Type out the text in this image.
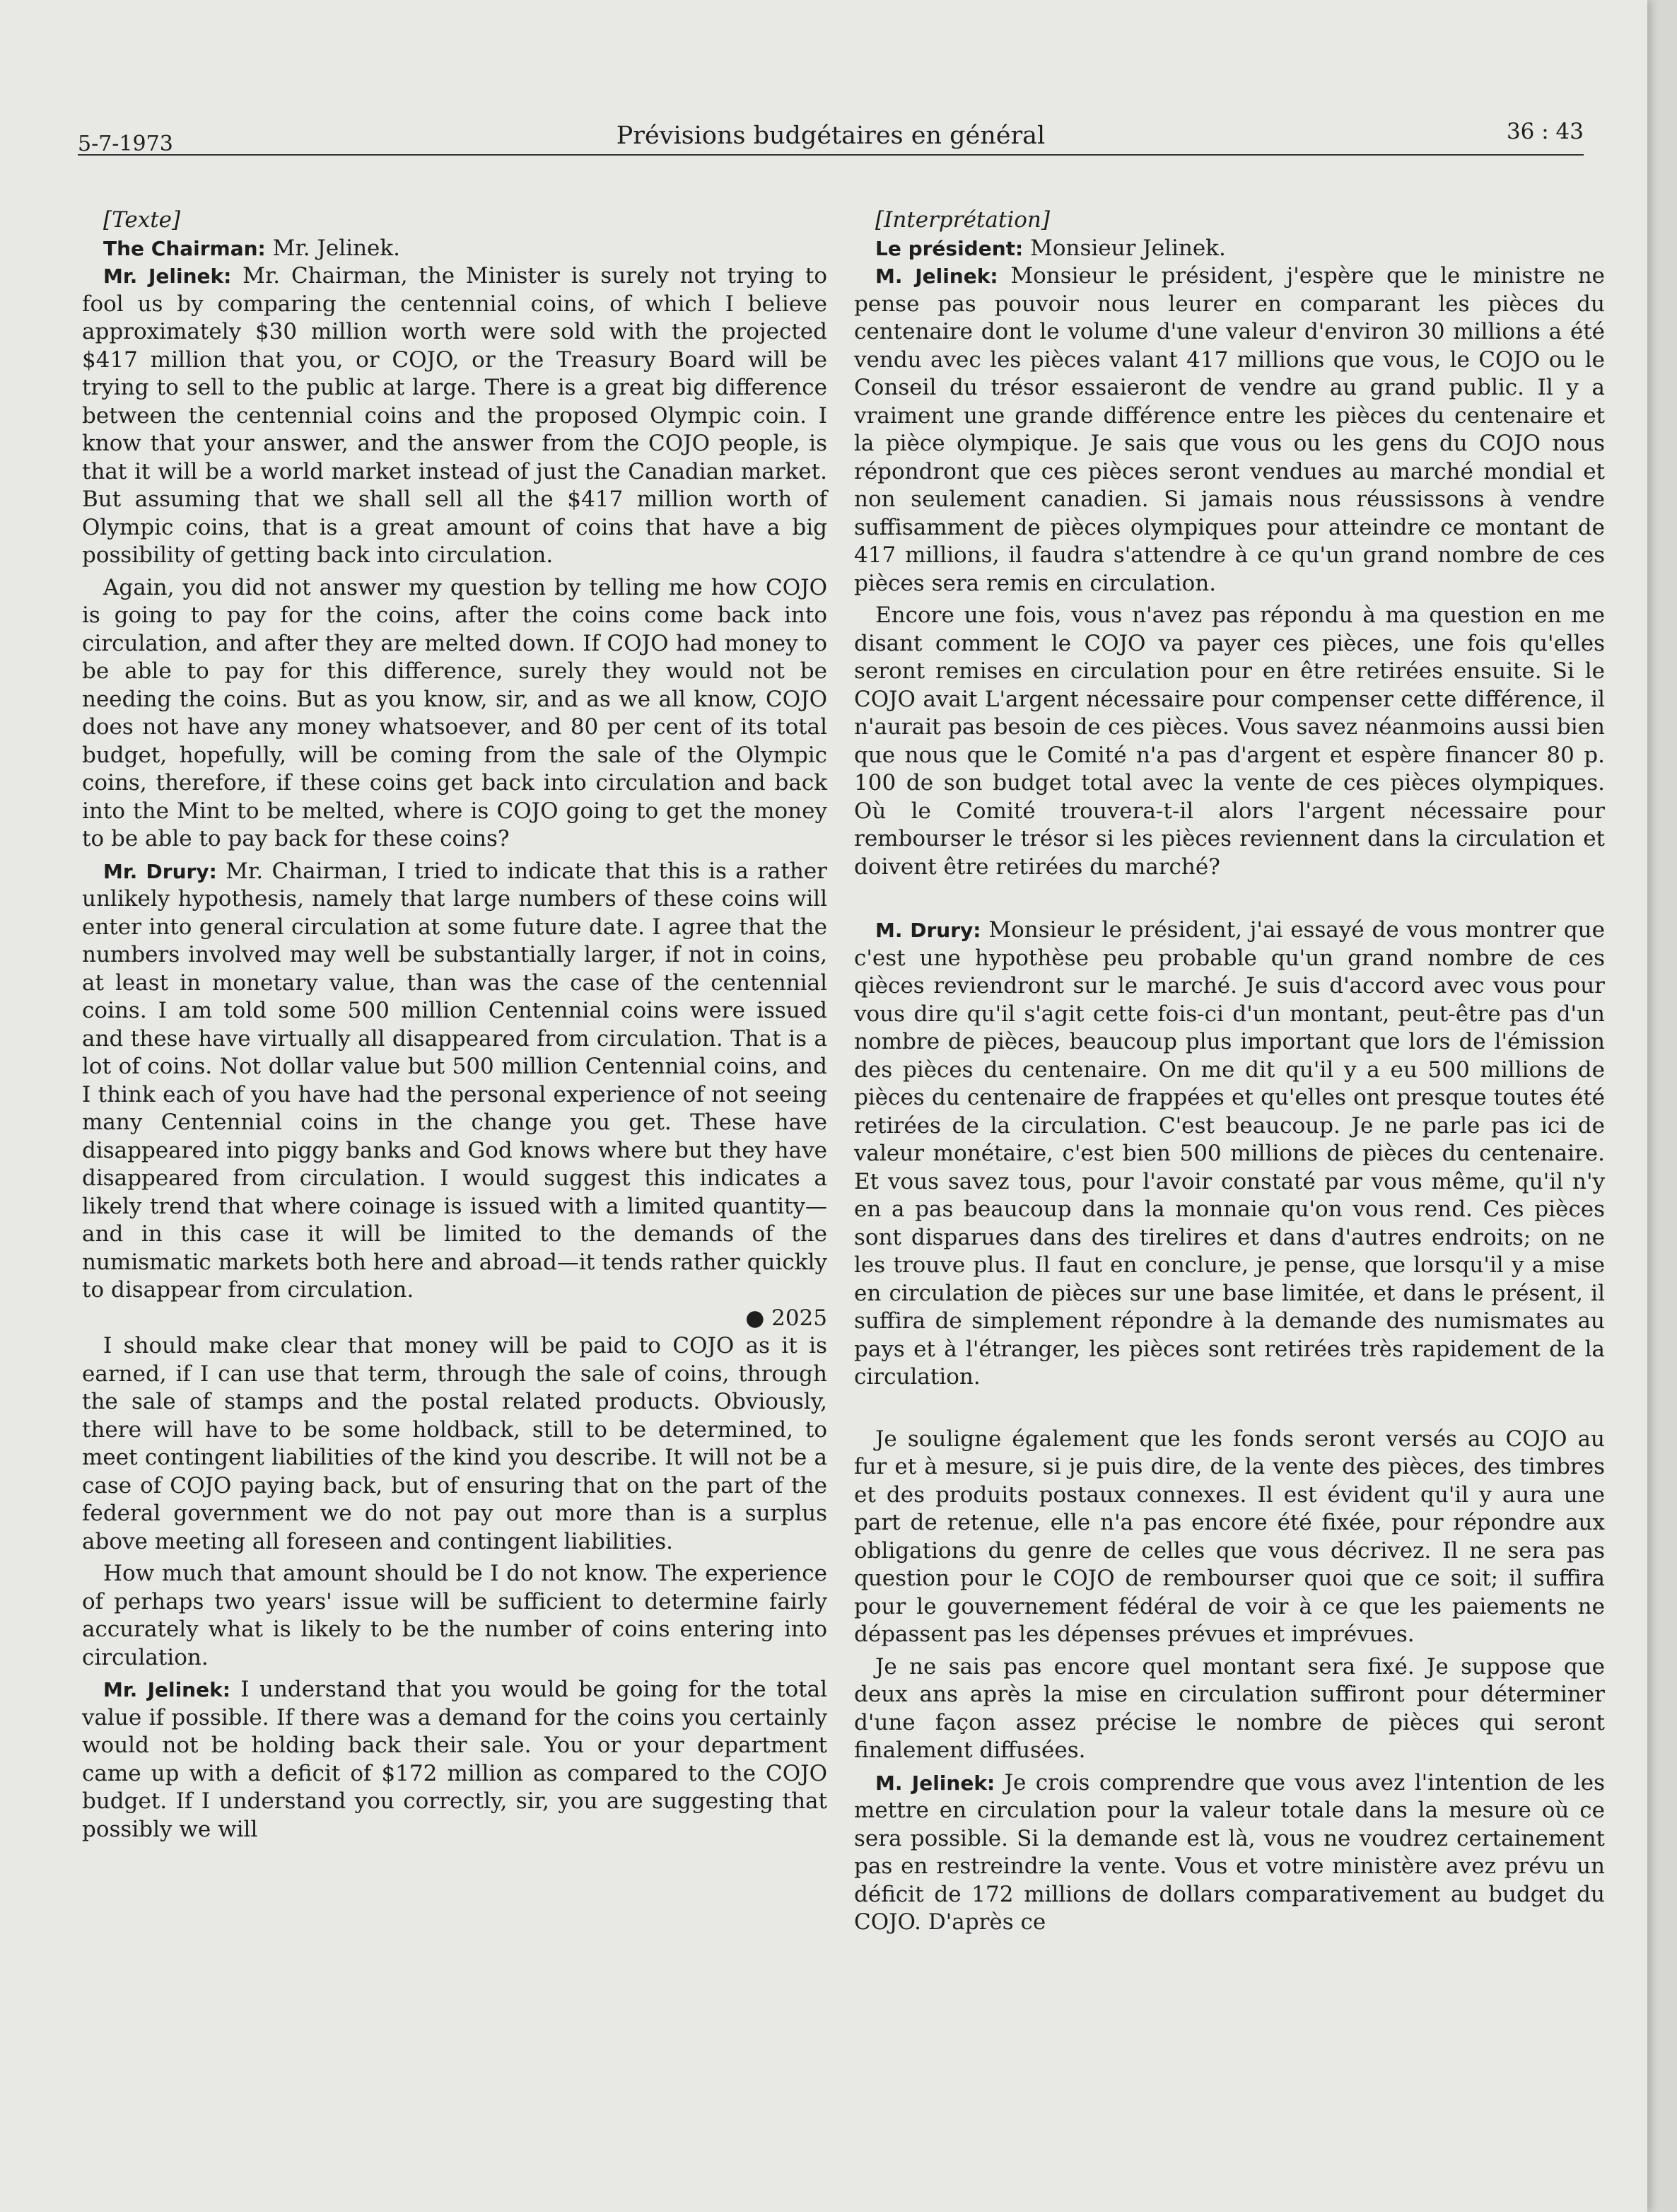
5-7-1973	Prévisions budgétaires en général	36 : 43

[Texte]

The Chairman: Mr. Jelinek.

Mr. Jelinek: Mr. Chairman, the Minister is surely not trying to fool us by comparing the centennial coins, of which I believe approximately $30 million worth were sold with the projected $417 million that you, or COJO, or the Treasury Board will be trying to sell to the public at large. There is a great big difference between the centennial coins and the proposed Olympic coin. I know that your answer, and the answer from the COJO people, is that it will be a world market instead of just the Canadian market. But assuming that we shall sell all the $417 million worth of Olympic coins, that is a great amount of coins that have a big possibility of getting back into circulation.

Again, you did not answer my question by telling me how COJO is going to pay for the coins, after the coins come back into circulation, and after they are melted down. If COJO had money to be able to pay for this difference, surely they would not be needing the coins. But as you know, sir, and as we all know, COJO does not have any money whatsoever, and 80 per cent of its total budget, hopefully, will be coming from the sale of the Olympic coins, therefore, if these coins get back into circulation and back into the Mint to be melted, where is COJO going to get the money to be able to pay back for these coins?

Mr. Drury: Mr. Chairman, I tried to indicate that this is a rather unlikely hypothesis, namely that large numbers of these coins will enter into general circulation at some future date. I agree that the numbers involved may well be substantially larger, if not in coins, at least in monetary value, than was the case of the centennial coins. I am told some 500 million Centennial coins were issued and these have virtually all disappeared from circulation. That is a lot of coins. Not dollar value but 500 million Centennial coins, and I think each of you have had the personal experience of not seeing many Centennial coins in the change you get. These have disappeared into piggy banks and God knows where but they have disappeared from circulation. I would suggest this indicates a likely trend that where coinage is issued with a limited quantity—and in this case it will be limited to the demands of the numismatic markets both here and abroad—it tends rather quickly to disappear from circulation.

● 2025

I should make clear that money will be paid to COJO as it is earned, if I can use that term, through the sale of coins, through the sale of stamps and the postal related products. Obviously, there will have to be some holdback, still to be determined, to meet contingent liabilities of the kind you describe. It will not be a case of COJO paying back, but of ensuring that on the part of the federal government we do not pay out more than is a surplus above meeting all foreseen and contingent liabilities.

How much that amount should be I do not know. The experience of perhaps two years' issue will be sufficient to determine fairly accurately what is likely to be the number of coins entering into circulation.

Mr. Jelinek: I understand that you would be going for the total value if possible. If there was a demand for the coins you certainly would not be holding back their sale. You or your department came up with a deficit of $172 million as compared to the COJO budget. If I understand you correctly, sir, you are suggesting that possibly we will

[Interprétation]

Le président: Monsieur Jelinek.

M. Jelinek: Monsieur le président, j'espère que le ministre ne pense pas pouvoir nous leurer en comparant les pièces du centenaire dont le volume d'une valeur d'environ 30 millions a été vendu avec les pièces valant 417 millions que vous, le COJO ou le Conseil du trésor essaieront de vendre au grand public. Il y a vraiment une grande différence entre les pièces du centenaire et la pièce olympique. Je sais que vous ou les gens du COJO nous répondront que ces pièces seront vendues au marché mondial et non seulement canadien. Si jamais nous réussissons à vendre suffisamment de pièces olympiques pour atteindre ce montant de 417 millions, il faudra s'attendre à ce qu'un grand nombre de ces pièces sera remis en circulation.

Encore une fois, vous n'avez pas répondu à ma question en me disant comment le COJO va payer ces pièces, une fois qu'elles seront remises en circulation pour en être retirées ensuite. Si le COJO avait L'argent nécessaire pour compenser cette différence, il n'aurait pas besoin de ces pièces. Vous savez néanmoins aussi bien que nous que le Comité n'a pas d'argent et espère financer 80 p. 100 de son budget total avec la vente de ces pièces olympiques. Où le Comité trouvera-t-il alors l'argent nécessaire pour rembourser le trésor si les pièces reviennent dans la circulation et doivent être retirées du marché?

M. Drury: Monsieur le président, j'ai essayé de vous montrer que c'est une hypothèse peu probable qu'un grand nombre de ces qièces reviendront sur le marché. Je suis d'accord avec vous pour vous dire qu'il s'agit cette fois-ci d'un montant, peut-être pas d'un nombre de pièces, beaucoup plus important que lors de l'émission des pièces du centenaire. On me dit qu'il y a eu 500 millions de pièces du centenaire de frappées et qu'elles ont presque toutes été retirées de la circulation. C'est beaucoup. Je ne parle pas ici de valeur monétaire, c'est bien 500 millions de pièces du centenaire. Et vous savez tous, pour l'avoir constaté par vous même, qu'il n'y en a pas beaucoup dans la monnaie qu'on vous rend. Ces pièces sont disparues dans des tirelires et dans d'autres endroits; on ne les trouve plus. Il faut en conclure, je pense, que lorsqu'il y a mise en circulation de pièces sur une base limitée, et dans le présent, il suffira de simplement répondre à la demande des numismates au pays et à l'étranger, les pièces sont retirées très rapidement de la circulation.

Je souligne également que les fonds seront versés au COJO au fur et à mesure, si je puis dire, de la vente des pièces, des timbres et des produits postaux connexes. Il est évident qu'il y aura une part de retenue, elle n'a pas encore été fixée, pour répondre aux obligations du genre de celles que vous décrivez. Il ne sera pas question pour le COJO de rembourser quoi que ce soit; il suffira pour le gouvernement fédéral de voir à ce que les paiements ne dépassent pas les dépenses prévues et imprévues.

Je ne sais pas encore quel montant sera fixé. Je suppose que deux ans après la mise en circulation suffiront pour déterminer d'une façon assez précise le nombre de pièces qui seront finalement diffusées.

M. Jelinek: Je crois comprendre que vous avez l'intention de les mettre en circulation pour la valeur totale dans la mesure où ce sera possible. Si la demande est là, vous ne voudrez certainement pas en restreindre la vente. Vous et votre ministère avez prévu un déficit de 172 millions de dollars comparativement au budget du COJO. D'après ce
